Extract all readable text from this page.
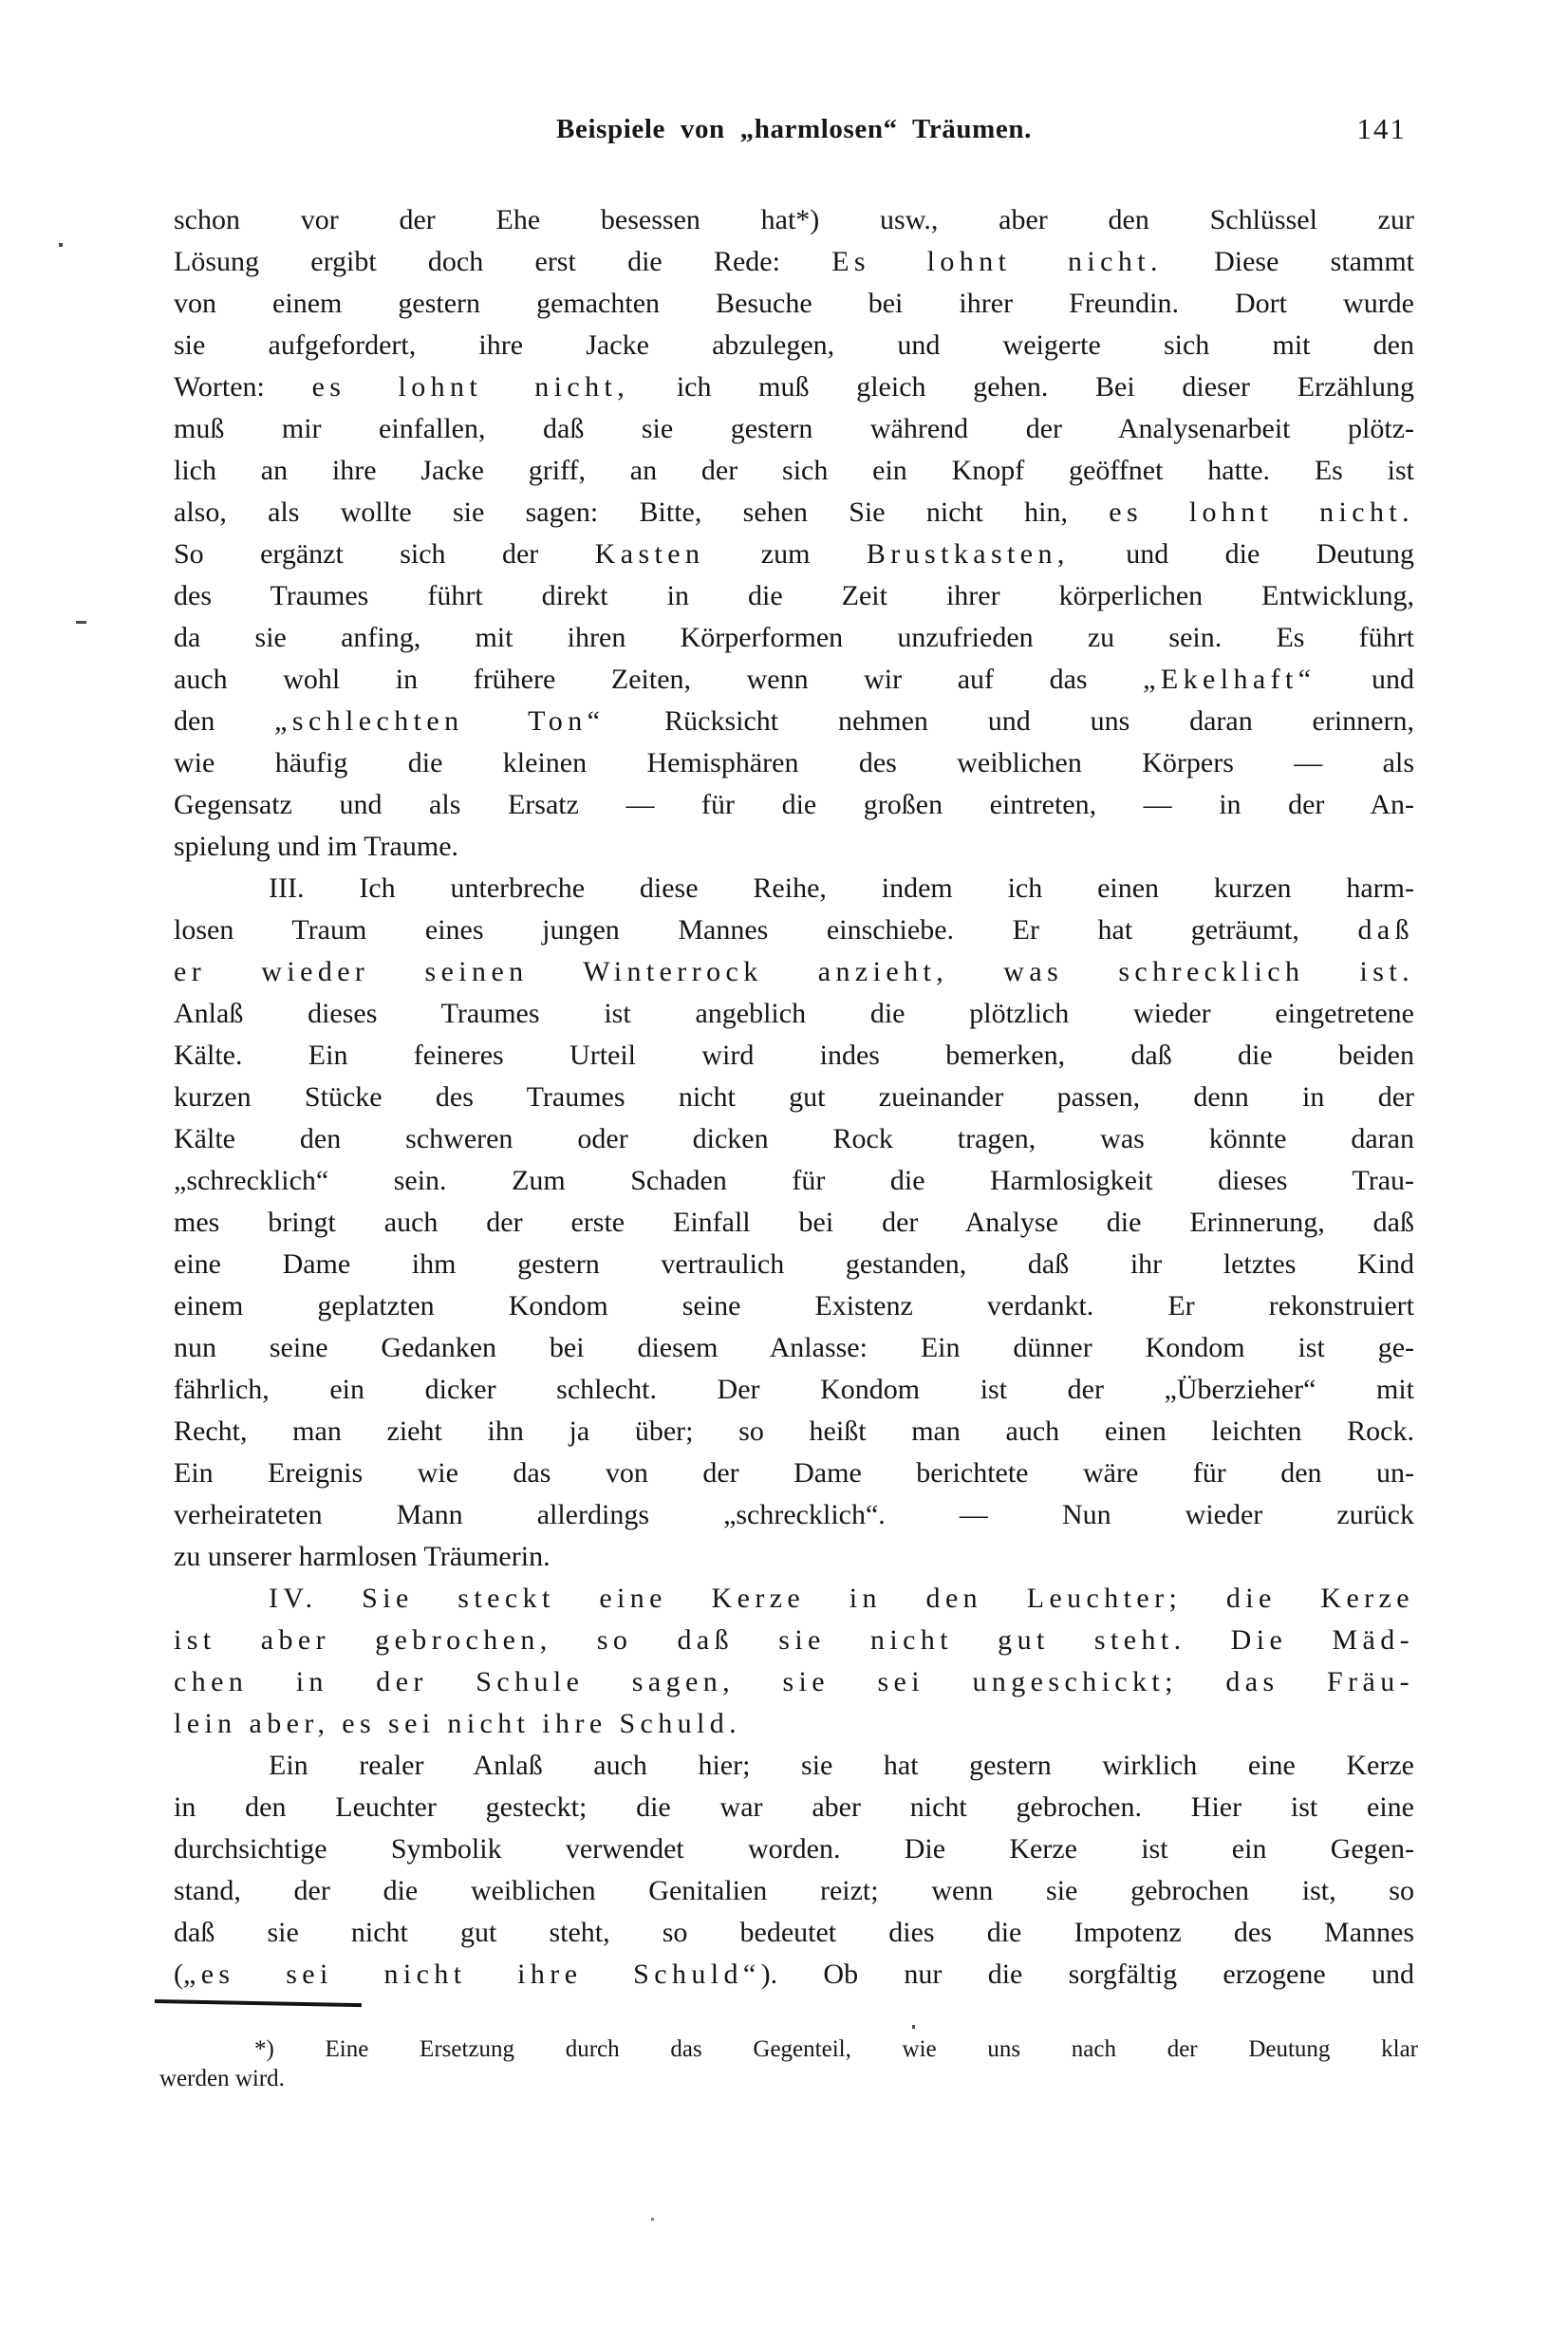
Beispiele von „harmlosen“ Träumen.	141
schon vor der Ehe besessen hat*) usw., aber den Schlüssel zur
Lösung ergibt doch erst die Rede: Es lohnt nicht. Diese stammt
von einem gestern gemachten Besuche bei ihrer Freundin. Dort wurde
sie aufgefordert, ihre Jacke abzulegen, und weigerte sich mit den
Worten: es lohnt nicht, ich muß gleich gehen. Bei dieser Erzählung
muß mir einfallen, daß sie gestern während der Analysenarbeit plötz-
lich an ihre Jacke griff, an der sich ein Knopf geöffnet hatte. Es ist
also, als wollte sie sagen: Bitte, sehen Sie nicht hin, es lohnt nicht.
So ergänzt sich der Kasten zum Brustkasten, und die Deutung
des Traumes führt direkt in die Zeit ihrer körperlichen Entwicklung,
da sie anfing, mit ihren Körperformen unzufrieden zu sein. Es führt
auch wohl in frühere Zeiten, wenn wir auf das „Ekelhaft“ und
den „schlechten Ton“ Rücksicht nehmen und uns daran erinnern,
wie häufig die kleinen Hemisphären des weiblichen Körpers — als
Gegensatz und als Ersatz — für die großen eintreten, — in der An-
spielung und im Traume.
III. Ich unterbreche diese Reihe, indem ich einen kurzen harm-
losen Traum eines jungen Mannes einschiebe. Er hat geträumt, daß
er wieder seinen Winterrock anzieht, was schrecklich ist.
Anlaß dieses Traumes ist angeblich die plötzlich wieder eingetretene
Kälte. Ein feineres Urteil wird indes bemerken, daß die beiden
kurzen Stücke des Traumes nicht gut zueinander passen, denn in der
Kälte den schweren oder dicken Rock tragen, was könnte daran
„schrecklich“ sein. Zum Schaden für die Harmlosigkeit dieses Trau-
mes bringt auch der erste Einfall bei der Analyse die Erinnerung, daß
eine Dame ihm gestern vertraulich gestanden, daß ihr letztes Kind
einem geplatzten Kondom seine Existenz verdankt. Er rekonstruiert
nun seine Gedanken bei diesem Anlasse: Ein dünner Kondom ist ge-
fährlich, ein dicker schlecht. Der Kondom ist der „Überzieher“ mit
Recht, man zieht ihn ja über; so heißt man auch einen leichten Rock.
Ein Ereignis wie das von der Dame berichtete wäre für den un-
verheirateten Mann allerdings „schrecklich“. — Nun wieder zurück
zu unserer harmlosen Träumerin.
IV. Sie steckt eine Kerze in den Leuchter; die Kerze
ist aber gebrochen, so daß sie nicht gut steht. Die Mäd-
chen in der Schule sagen, sie sei ungeschickt; das Fräu-
lein aber, es sei nicht ihre Schuld.
Ein realer Anlaß auch hier; sie hat gestern wirklich eine Kerze
in den Leuchter gesteckt; die war aber nicht gebrochen. Hier ist eine
durchsichtige Symbolik verwendet worden. Die Kerze ist ein Gegen-
stand, der die weiblichen Genitalien reizt; wenn sie gebrochen ist, so
daß sie nicht gut steht, so bedeutet dies die Impotenz des Mannes
(„es sei nicht ihre Schuld“). Ob nur die sorgfältig erzogene und
*) Eine Ersetzung durch das Gegenteil, wie uns nach der Deutung klar
werden wird.
